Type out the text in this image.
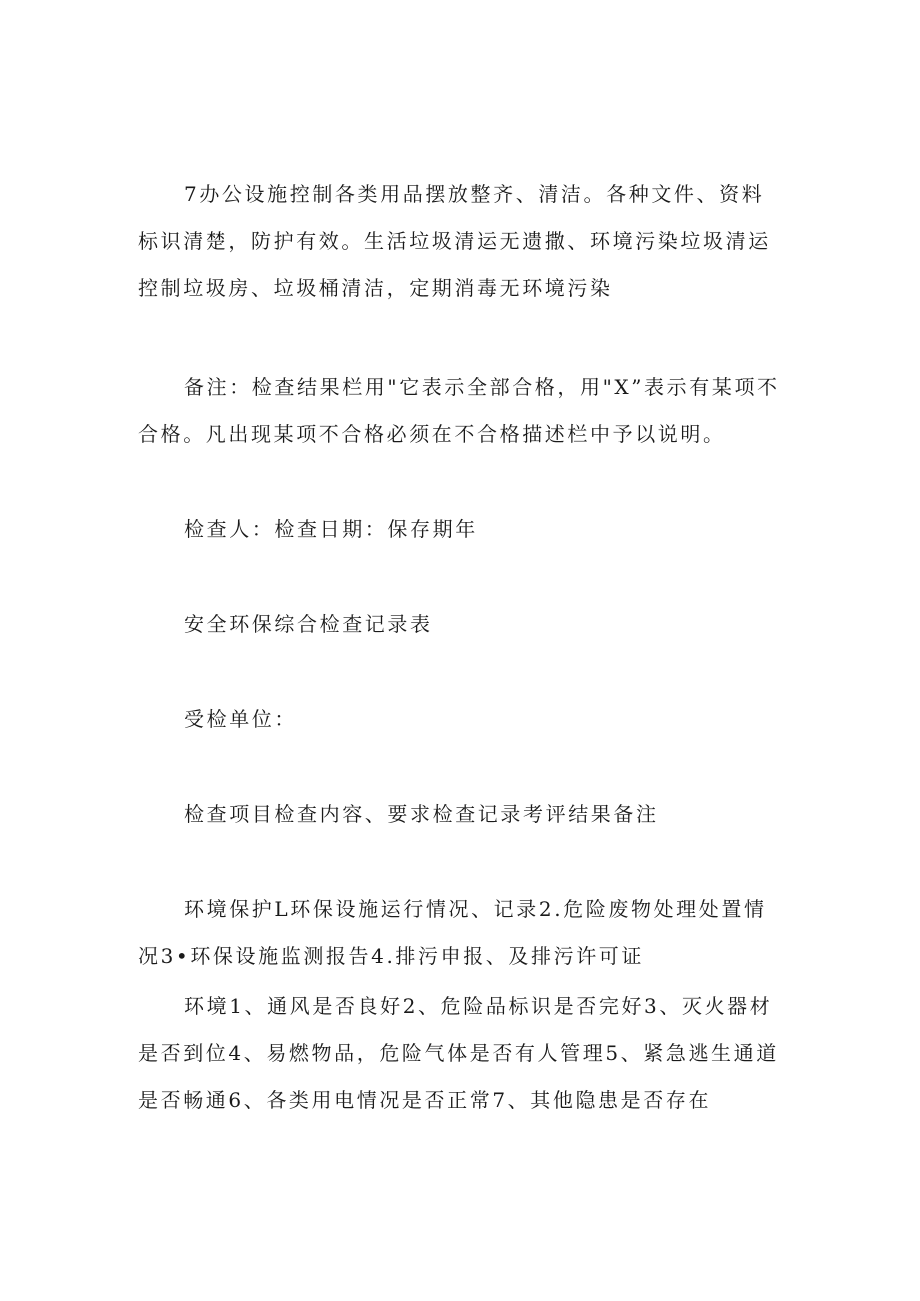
7办公设施控制各类用品摆放整齐、清洁。各种文件、资料标识清楚，防护有效。生活垃圾清运无遗撒、环境污染垃圾清运控制垃圾房、垃圾桶清洁，定期消毒无环境污染

备注：检查结果栏用"它表示全部合格，用"X”表示有某项不合格。凡出现某项不合格必须在不合格描述栏中予以说明。

检查人：检查日期：保存期年

安全环保综合检查记录表

受检单位：

检查项目检查内容、要求检查记录考评结果备注

环境保护L环保设施运行情况、记录2.危险废物处理处置情况3•环保设施监测报告4.排污申报、及排污许可证

环境1、通风是否良好2、危险品标识是否完好3、灭火器材是否到位4、易燃物品，危险气体是否有人管理5、紧急逃生通道是否畅通6、各类用电情况是否正常7、其他隐患是否存在
